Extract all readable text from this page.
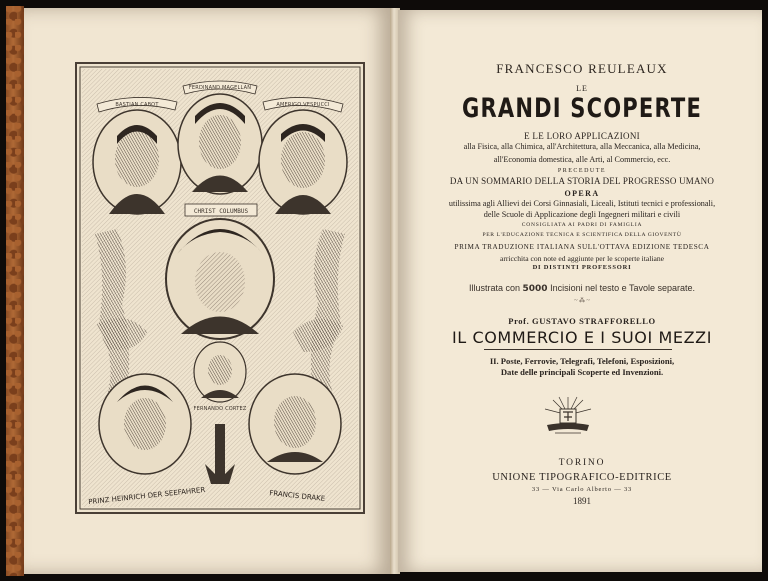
BASTIAN CABOT
FERDINAND MAGELLAN
AMERIGO VESPUCCI
CHRIST COLUMBUS
FERNANDO CORTEZ
PRINZ HEINRICH DER SEEFAHRER	FRANCIS DRAKE
FRANCESCO REULEAUX
LE
GRANDI SCOPERTE
E LE LORO APPLICAZIONI
alla Fisica, alla Chimica, all'Architettura, alla Meccanica, alla Medicina,
all'Economia domestica, alle Arti, al Commercio, ecc.
PRECEDUTE
DA UN SOMMARIO DELLA STORIA DEL PROGRESSO UMANO
OPERA
utilissima agli Allievi dei Corsi Ginnasiali, Liceali, Istituti tecnici e professionali,
delle Scuole di Applicazione degli Ingegneri militari e civili
CONSIGLIATA AI PADRI DI FAMIGLIA
PER L'EDUCAZIONE TECNICA E SCIENTIFICA DELLA GIOVENTÙ
PRIMA TRADUZIONE ITALIANA SULL'OTTAVA EDIZIONE TEDESCA
arricchita con note ed aggiunte per le scoperte italiane
DI DISTINTI PROFESSORI
Illustrata con 5000 Incisioni nel testo e Tavole separate.
~ ⁂ ~
Prof. GUSTAVO STRAFFORELLO
IL COMMERCIO E I SUOI MEZZI
II. Poste, Ferrovie, Telegrafi, Telefoni, Esposizioni,
Date delle principali Scoperte ed Invenzioni.
TORINO
UNIONE TIPOGRAFICO-EDITRICE
33 — Via Carlo Alberto — 33
1891
